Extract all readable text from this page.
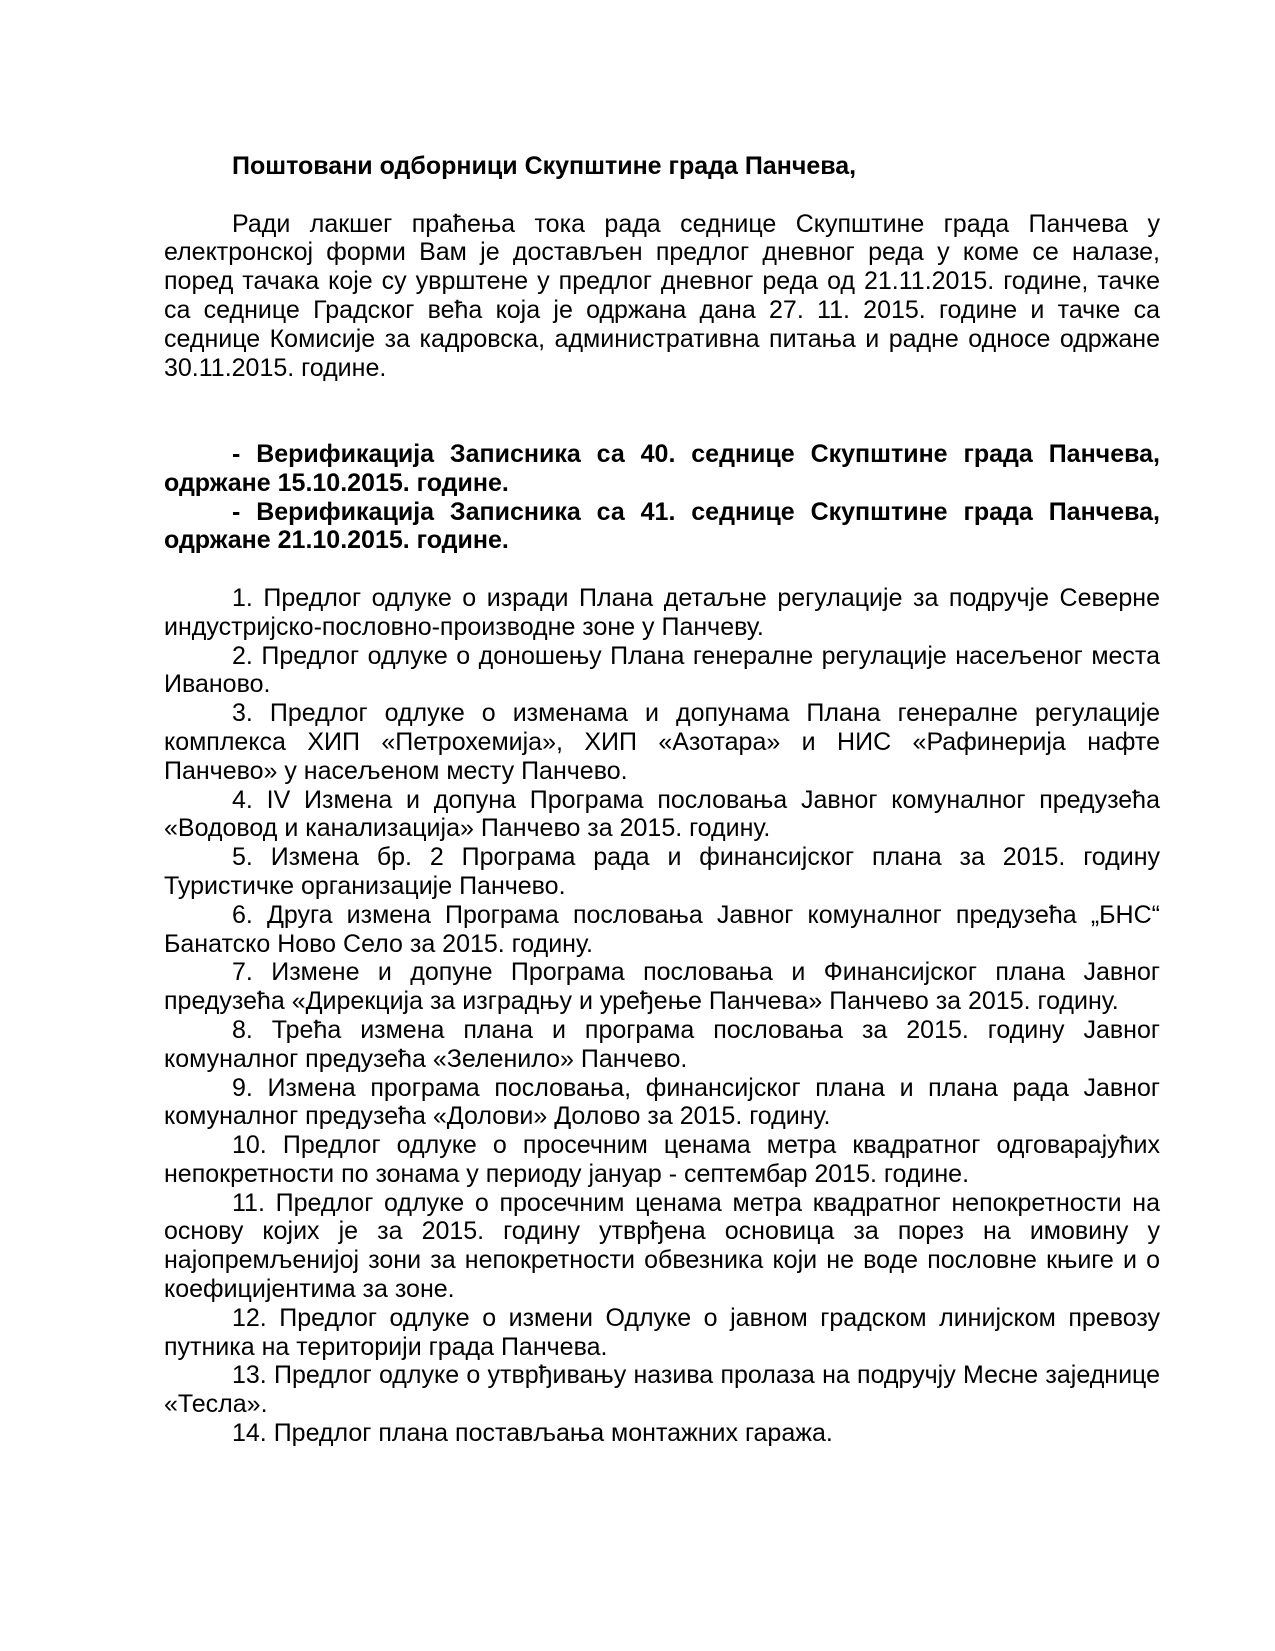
Поштовани одборници Скупштине града Панчева,

Ради лакшег праћења тока рада седнице Скупштине града Панчева у електронској форми Вам је достављен предлог дневног реда у коме се налазе, поред тачака које су уврштене у предлог дневног реда од 21.11.2015. године, тачке са седнице Градског већа која је одржана дана 27. 11. 2015. године и тачке са седнице Комисије за кадровска, административна питања и радне односе одржане 30.11.2015. године.

- Верификација Записника са 40. седнице Скупштине града Панчева, одржане 15.10.2015. године.

- Верификација Записника са 41. седнице Скупштине града Панчева, одржане 21.10.2015. године.

1. Предлог одлуке о изради Плана детаљне регулације за подручје Северне индустријско-пословно-производне зоне у Панчеву.

2. Предлог одлуке о доношењу Плана генералне регулације насељеног места Иваново.

3. Предлог одлуке о изменама и допунама Плана генералне регулације комплекса ХИП «Петрохемија», ХИП «Азотара» и НИС «Рафинерија нафте Панчево» у насељеном месту Панчево.

4. IV Измена и допуна Програма пословања Јавног комуналног предузећа «Водовод и канализација» Панчево за 2015. годину.

5. Измена бр. 2 Програма рада и финансијског плана за 2015. годину Туристичке организације Панчево.

6. Друга измена Програма пословања Јавног комуналног предузећа „БНС“ Банатско Ново Село за 2015. годину.

7. Измене и допуне Програма пословања и Финансијског плана Јавног предузећа «Дирекција за изградњу и уређење Панчева» Панчево за 2015. годину.

8. Трећа измена плана и програма пословања за 2015. годину Јавног комуналног предузећа «Зеленило» Панчево.

9. Измена програма пословања, финансијског плана и плана рада Јавног комуналног предузећа «Долови» Долово за 2015. годину.

10. Предлог одлуке о просечним ценама метра квадратног одговарајућих непокретности по зонама у периоду јануар - септембар 2015. године.

11. Предлог одлуке о просечним ценама метра квадратног непокретности на основу којих је за 2015. годину утврђена основица за порез на имовину у најопремљенијој зони за непокретности обвезника који не воде пословне књиге и о коефицијентима за зоне.

12. Предлог одлуке о измени Одлуке о јавном градском линијском превозу путника на територији града Панчева.

13. Предлог одлуке о утврђивању назива пролаза на подручју Месне заједнице «Тесла».

14. Предлог плана постављања монтажних гаража.
